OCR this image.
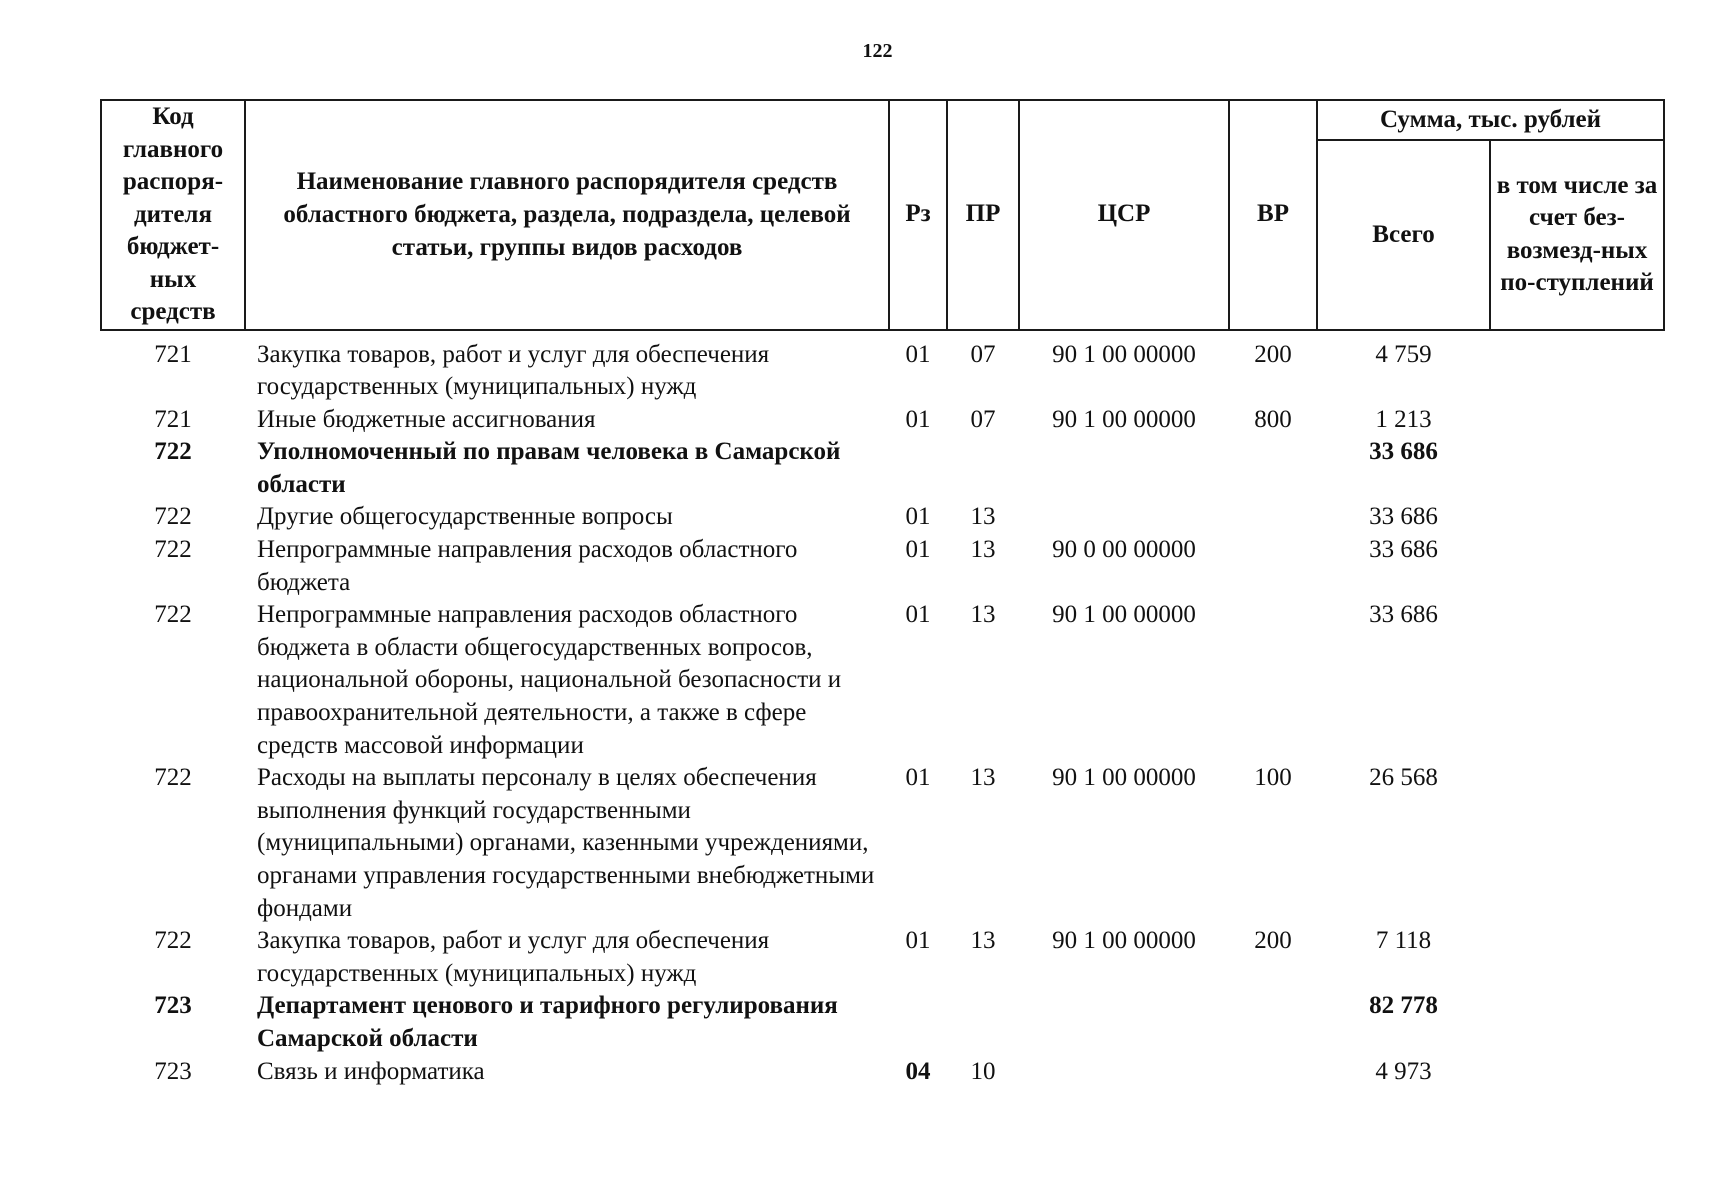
122
Код главного распоря-дителя бюджет-ных средств	Наименование главного распорядителя средств областного бюджета, раздела, подраздела, целевой статьи, группы видов расходов	Рз	ПР	ЦСР	ВР	Сумма, тыс. рублей	
						Всего	в том числе за счет без-возмезд-ных по-ступлений
721	Закупка товаров, работ и услуг для обеспечения государственных (муниципальных) нужд	01	07	90 1 00 00000	200	4 759	
721	Иные бюджетные ассигнования	01	07	90 1 00 00000	800	1 213	
722	Уполномоченный по правам человека в Самарской области					33 686	
722	Другие общегосударственные вопросы	01	13			33 686	
722	Непрограммные направления расходов областного бюджета	01	13	90 0 00 00000		33 686	
722	Непрограммные направления расходов областного бюджета в области общегосударственных вопросов, национальной обороны, национальной безопасности и правоохранительной деятельности, а также в сфере средств массовой информации	01	13	90 1 00 00000		33 686	
722	Расходы на выплаты персоналу в целях обеспечения выполнения функций государственными (муниципальными) органами, казенными учреждениями, органами управления государственными внебюджетными фондами	01	13	90 1 00 00000	100	26 568	
722	Закупка товаров, работ и услуг для обеспечения государственных (муниципальных) нужд	01	13	90 1 00 00000	200	7 118	
723	Департамент ценового и тарифного регулирования Самарской области					82 778	
723	Связь и информатика	04	10			4 973	
